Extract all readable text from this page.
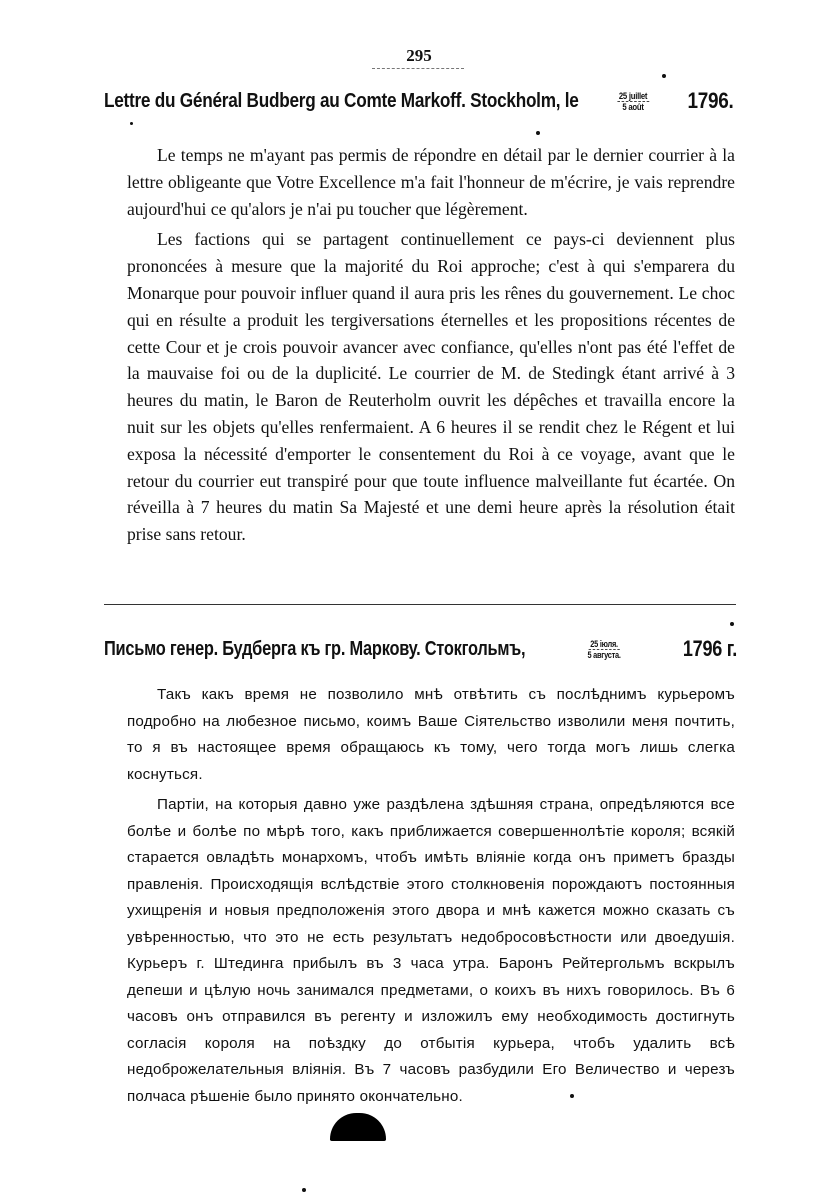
295
Lettre du Général Budberg au Comte Markoff. Stockholm, le	$\frac{\text{25 juillet}}{\text{5 août}} 1796$.

Le temps ne m'ayant pas permis de répondre en détail par le dernier courrier à la lettre obligeante que Votre Excellence m'a fait l'honneur de m'écrire, je vais reprendre aujourd'hui ce qu'alors je n'ai pu toucher que légèrement.

Les factions qui se partagent continuellement ce pays-ci deviennent plus prononcées à mesure que la majorité du Roi approche; c'est à qui s'emparera du Monarque pour pouvoir influer quand il aura pris les rênes du gouvernement. Le choc qui en résulte a produit les tergiversations éternelles et les propositions récentes de cette Cour et je crois pouvoir avancer avec confiance, qu'elles n'ont pas été l'effet de la mauvaise foi ou de la duplicité. Le courrier de M. de Stedingk étant arrivé à 3 heures du matin, le Baron de Reuterholm ouvrit les dépêches et travailla encore la nuit sur les objets qu'elles renfermaient. A 6 heures il se rendit chez le Régent et lui exposa la nécessité d'emporter le consentement du Roi à ce voyage, avant que le retour du courrier eut transpiré pour que toute influence malveillante fut écartée. On réveilla à 7 heures du matin Sa Majesté et une demi heure après la résolution était prise sans retour.

Письмо генер. Будберга къ гр. Маркову. Стокгольмъ,	$\frac{\text{25 іюля.}}{\text{5 августа.}}$	1796 г.

Такъ какъ время не позволило мнѣ отвѣтить съ послѣднимъ курьеромъ подробно на любезное письмо, коимъ Ваше Сіятельство изволили меня почтить, то я въ настоящее время обращаюсь къ тому, чего тогда могъ лишь слегка коснуться.

Партіи, на которыя давно уже раздѣлена здѣшняя страна, опредѣляются все болѣе и болѣе по мѣрѣ того, какъ приближается совершеннолѣтіе короля; всякій старается овладѣть монархомъ, чтобъ имѣть вліяніе когда онъ приметъ бразды правленія. Происходящія вслѣдствіе этого столкновенія порождаютъ постоянныя ухищренія и новыя предположенія этого двора и мнѣ кажется можно сказать съ увѣренностью, что это не есть результатъ недобросовѣстности или двоедушія. Курьеръ г. Штединга прибылъ въ 3 часа утра. Баронъ Рейтергольмъ вскрылъ депеши и цѣлую ночь занимался предметами, о коихъ въ нихъ говорилось. Въ 6 часовъ онъ отправился въ регенту и изложилъ ему необходимость достигнуть согласія короля на поѣздку до отбытія курьера, чтобъ удалить всѣ недоброжелательныя вліянія. Въ 7 часовъ разбудили Его Величество и черезъ полчаса рѣшеніе было принято окончательно.
